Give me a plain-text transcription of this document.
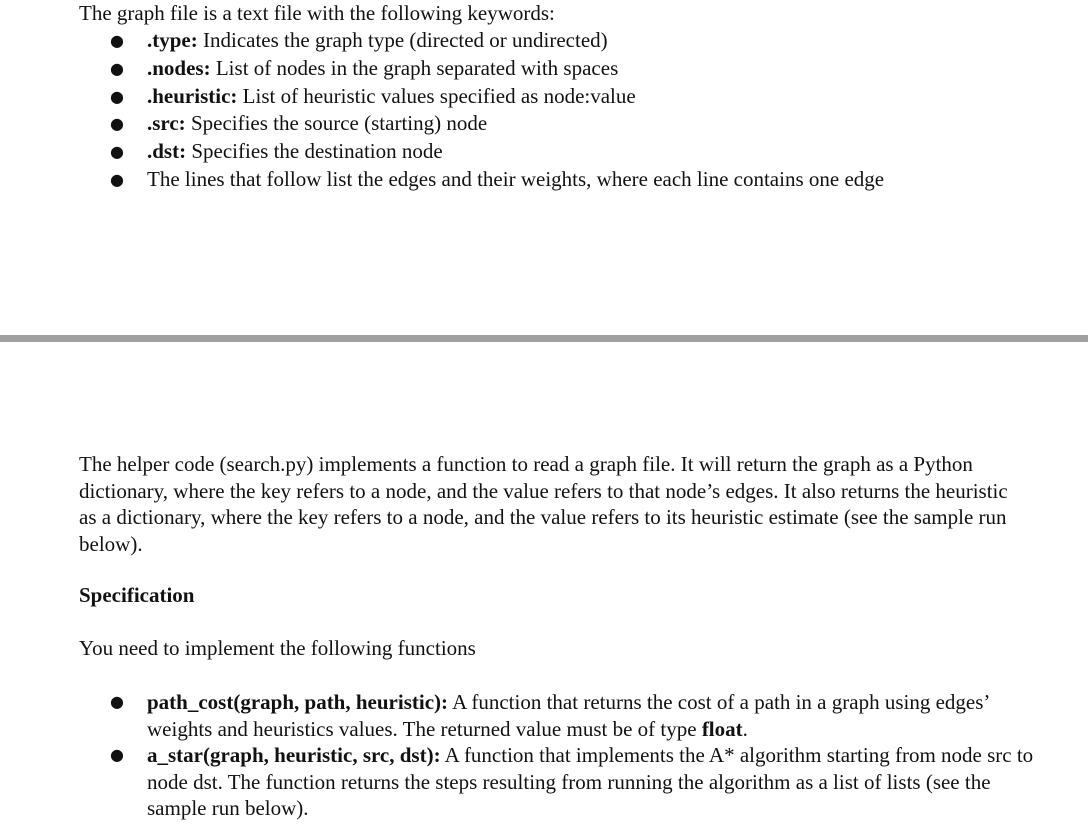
The graph file is a text file with the following keywords:
● .type: Indicates the graph type (directed or undirected)
● .nodes: List of nodes in the graph separated with spaces
● .heuristic: List of heuristic values specified as node:value
● .src: Specifies the source (starting) node
● .dst: Specifies the destination node
● The lines that follow list the edges and their weights, where each line contains one edge
The helper code (search.py) implements a function to read a graph file. It will return the graph as a Python dictionary, where the key refers to a node, and the value refers to that node’s edges. It also returns the heuristic as a dictionary, where the key refers to a node, and the value refers to its heuristic estimate (see the sample run below).
Specification
You need to implement the following functions
● path_cost(graph, path, heuristic): A function that returns the cost of a path in a graph using edges’ weights and heuristics values. The returned value must be of type float.
● a_star(graph, heuristic, src, dst): A function that implements the A* algorithm starting from node src to node dst. The function returns the steps resulting from running the algorithm as a list of lists (see the sample run below).
